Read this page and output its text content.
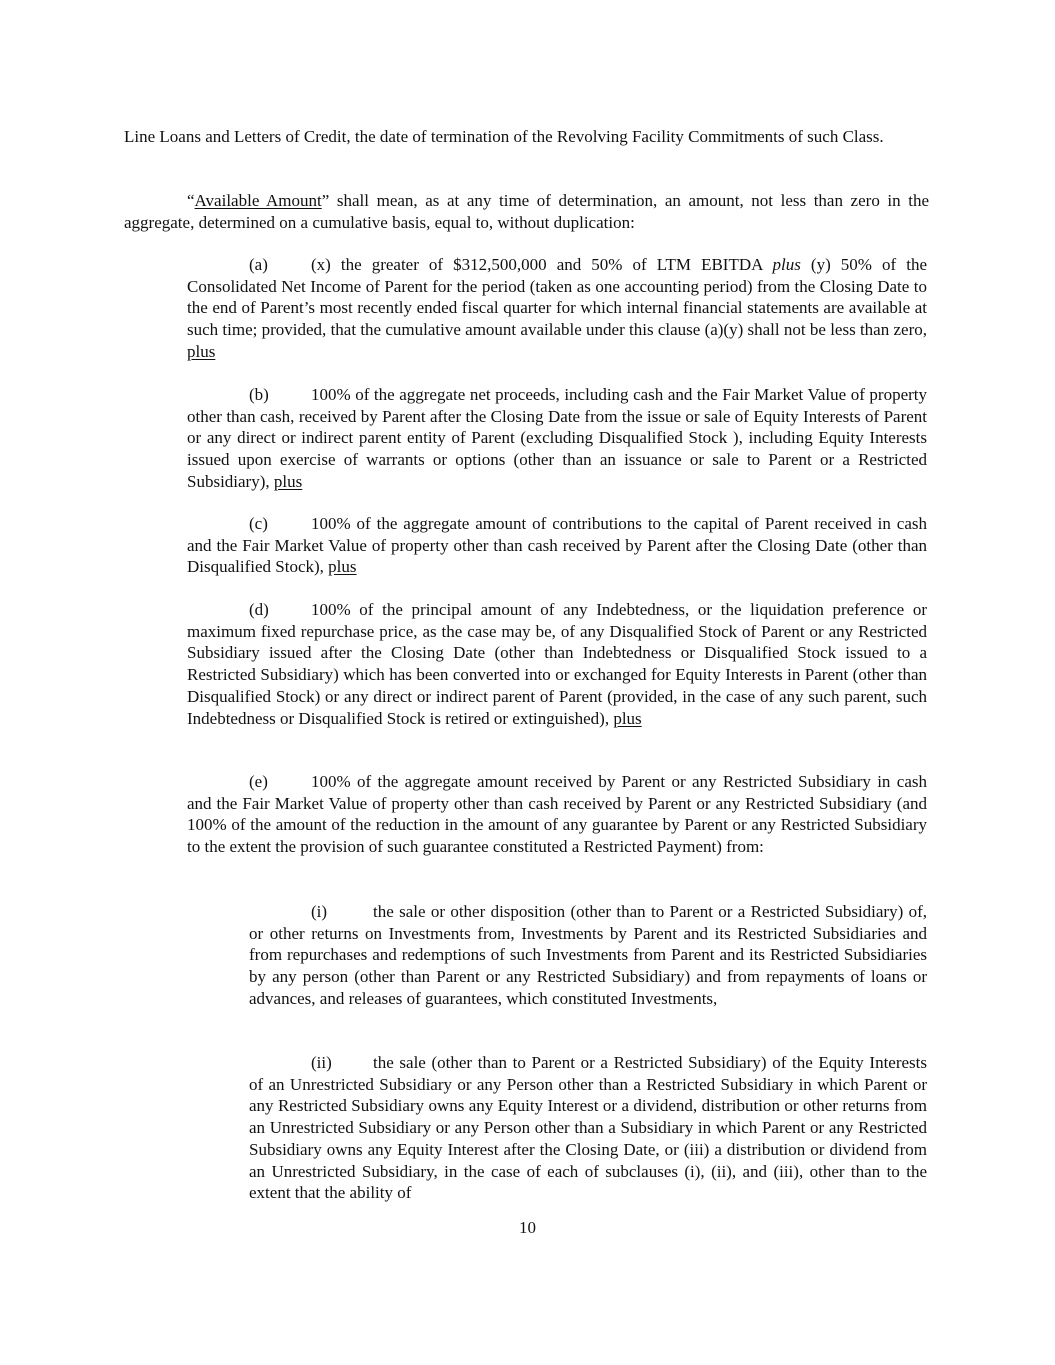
Line Loans and Letters of Credit, the date of termination of the Revolving Facility Commitments of such Class.

“Available Amount” shall mean, as at any time of determination, an amount, not less than zero in the aggregate, determined on a cumulative basis, equal to, without duplication:

(a)	(x) the greater of $312,500,000 and 50% of LTM EBITDA plus (y) 50% of the Consolidated Net Income of Parent for the period (taken as one accounting period) from the Closing Date to the end of Parent’s most recently ended fiscal quarter for which internal financial statements are available at such time; provided, that the cumulative amount available under this clause (a)(y) shall not be less than zero, plus

(b) 100% of the aggregate net proceeds, including cash and the Fair Market Value of property other than cash, received by Parent after the Closing Date from the issue or sale of Equity Interests of Parent or any direct or indirect parent entity of Parent (excluding Disqualified Stock ), including Equity Interests issued upon exercise of warrants or options (other than an issuance or sale to Parent or a Restricted Subsidiary), plus

(c)	100% of the aggregate amount of contributions to the capital of Parent received in cash and the Fair Market Value of property other than cash received by Parent after the Closing Date (other than Disqualified Stock), plus

(d) 100% of the principal amount of any Indebtedness, or the liquidation preference or maximum fixed repurchase price, as the case may be, of any Disqualified Stock of Parent or any Restricted Subsidiary issued after the Closing Date (other than Indebtedness or Disqualified Stock issued to a Restricted Subsidiary) which has been converted into or exchanged for Equity Interests in Parent (other than Disqualified Stock) or any direct or indirect parent of Parent (provided, in the case of any such parent, such Indebtedness or Disqualified Stock is retired or extinguished), plus

(e)	100% of the aggregate amount received by Parent or any Restricted Subsidiary in cash and the Fair Market Value of property other than cash received by Parent or any Restricted Subsidiary (and 100% of the amount of the reduction in the amount of any guarantee by Parent or any Restricted Subsidiary to the extent the provision of such guarantee constituted a Restricted Payment) from:

(i)	the sale or other disposition (other than to Parent or a Restricted Subsidiary) of, or other returns on Investments from, Investments by Parent and its Restricted Subsidiaries and from repurchases and redemptions of such Investments from Parent and its Restricted Subsidiaries by any person (other than Parent or any Restricted Subsidiary) and from repayments of loans or advances, and releases of guarantees, which constituted Investments,

(ii) the sale (other than to Parent or a Restricted Subsidiary) of the Equity Interests of an Unrestricted Subsidiary or any Person other than a Restricted Subsidiary in which Parent or any Restricted Subsidiary owns any Equity Interest or a dividend, distribution or other returns from an Unrestricted Subsidiary or any Person other than a Subsidiary in which Parent or any Restricted Subsidiary owns any Equity Interest after the Closing Date, or (iii) a distribution or dividend from an Unrestricted Subsidiary, in the case of each of subclauses (i), (ii), and (iii), other than to the extent that the ability of

10
